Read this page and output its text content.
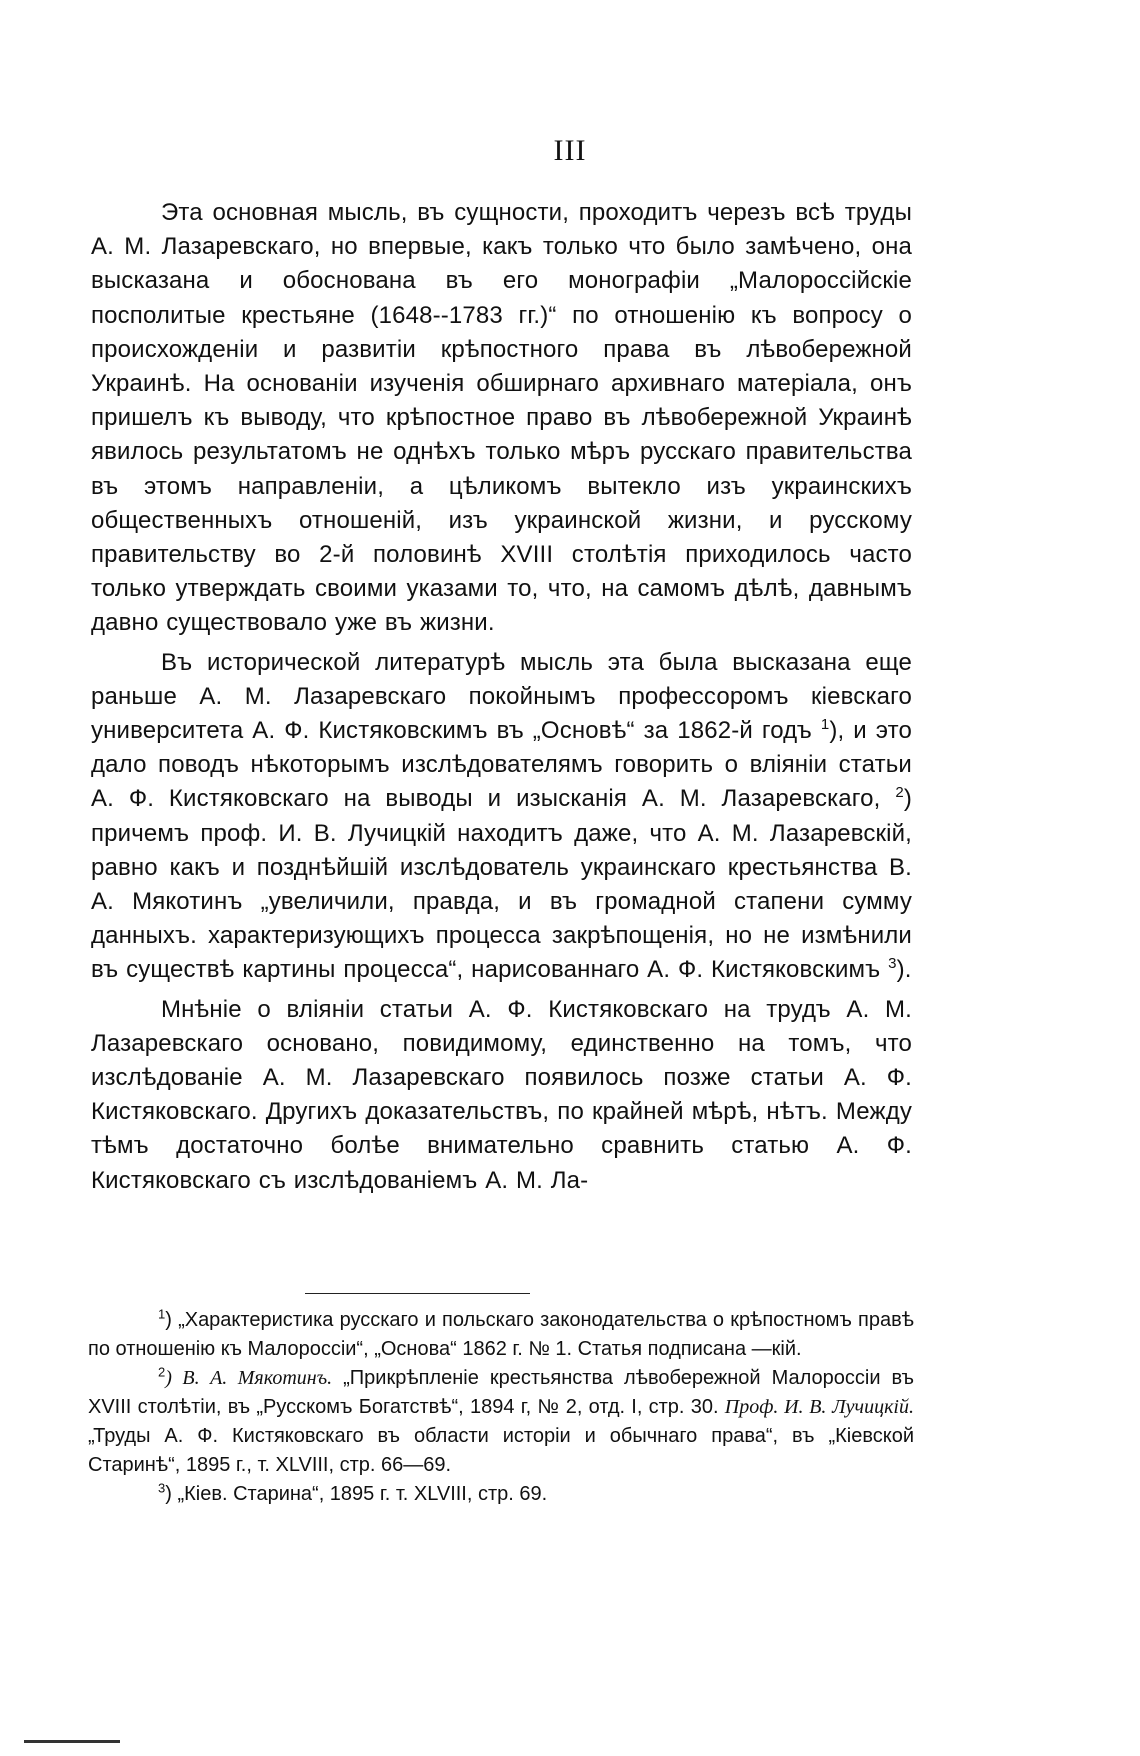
III

Эта основная мысль, въ сущности, проходитъ черезъ всѣ труды А. М. Лазаревскаго, но впервые, какъ только что было замѣчено, она высказана и обоснована въ его монографіи „Малороссійскіе посполитые крестьяне (1648--1783 гг.)“ по отношенію къ вопросу о происхожденіи и развитіи крѣпостного права въ лѣвобережной Украинѣ. На основаніи изученія обширнаго архивнаго матеріала, онъ пришелъ къ выводу, что крѣпостное право въ лѣвобережной Украинѣ явилось результатомъ не однѣхъ только мѣръ русскаго правительства въ этомъ направленіи, а цѣликомъ вытекло изъ украинскихъ общественныхъ отношеній, изъ украинской жизни, и русскому правительству во 2-й половинѣ XVIII столѣтія приходилось часто только утверждать своими указами то, что, на самомъ дѣлѣ, давнымъ давно существовало уже въ жизни.

Въ исторической литературѣ мысль эта была высказана еще раньше А. М. Лазаревскаго покойнымъ профессоромъ кіевскаго университета А. Ф. Кистяковскимъ въ „Основѣ“ за 1862-й годъ $^1$), и это дало поводъ нѣкоторымъ изслѣдователямъ говорить о вліяніи статьи А. Ф. Кистяковскаго на выводы и изысканія А. М. Лазаревскаго, $^2$) причемъ проф. И. В. Лучицкій находитъ даже, что А. М. Лазаревскій, равно какъ и позднѣйшій изслѣдователь украинскаго крестьянства В. А. Мякотинъ „увеличили, правда, и въ громадной стапени сумму данныхъ. характеризующихъ процесса закрѣпощенія, но не измѣнили въ существѣ картины процесса“, нарисованнаго А. Ф. Кистяковскимъ $^3$).

Мнѣніе о вліяніи статьи А. Ф. Кистяковскаго на трудъ А. М. Лазаревскаго основано, повидимому, единственно на томъ, что изслѣдованіе А. М. Лазаревскаго появилось позже статьи А. Ф. Кистяковскаго. Другихъ доказательствъ, по крайней мѣрѣ, нѣтъ. Между тѣмъ достаточно болѣе внимательно сравнить статью А. Ф. Кистяковскаго съ изслѣдованіемъ А. М. Ла-

$^1$) „Характеристика русскаго и польскаго законодательства о крѣпостномъ правѣ по отношенію къ Малороссіи“, „Основа“ 1862 г. № 1. Статья подписана —кій.

$^2$) В. А. Мякотинъ. „Прикрѣпленіе крестьянства лѣвобережной Малороссіи въ XVIII столѣтіи, въ „Русскомъ Богатствѣ“, 1894 г, № 2, отд. I, стр. 30. Проф. И. В. Лучицкій. „Труды А. Ф. Кистяковскаго въ области исторіи и обычнаго права“, въ „Кіевской Старинѣ“, 1895 г., т. XLVIII, стр. 66—69.

$^3$) „Кіев. Старина“, 1895 г. т. XLVIII, стр. 69.
